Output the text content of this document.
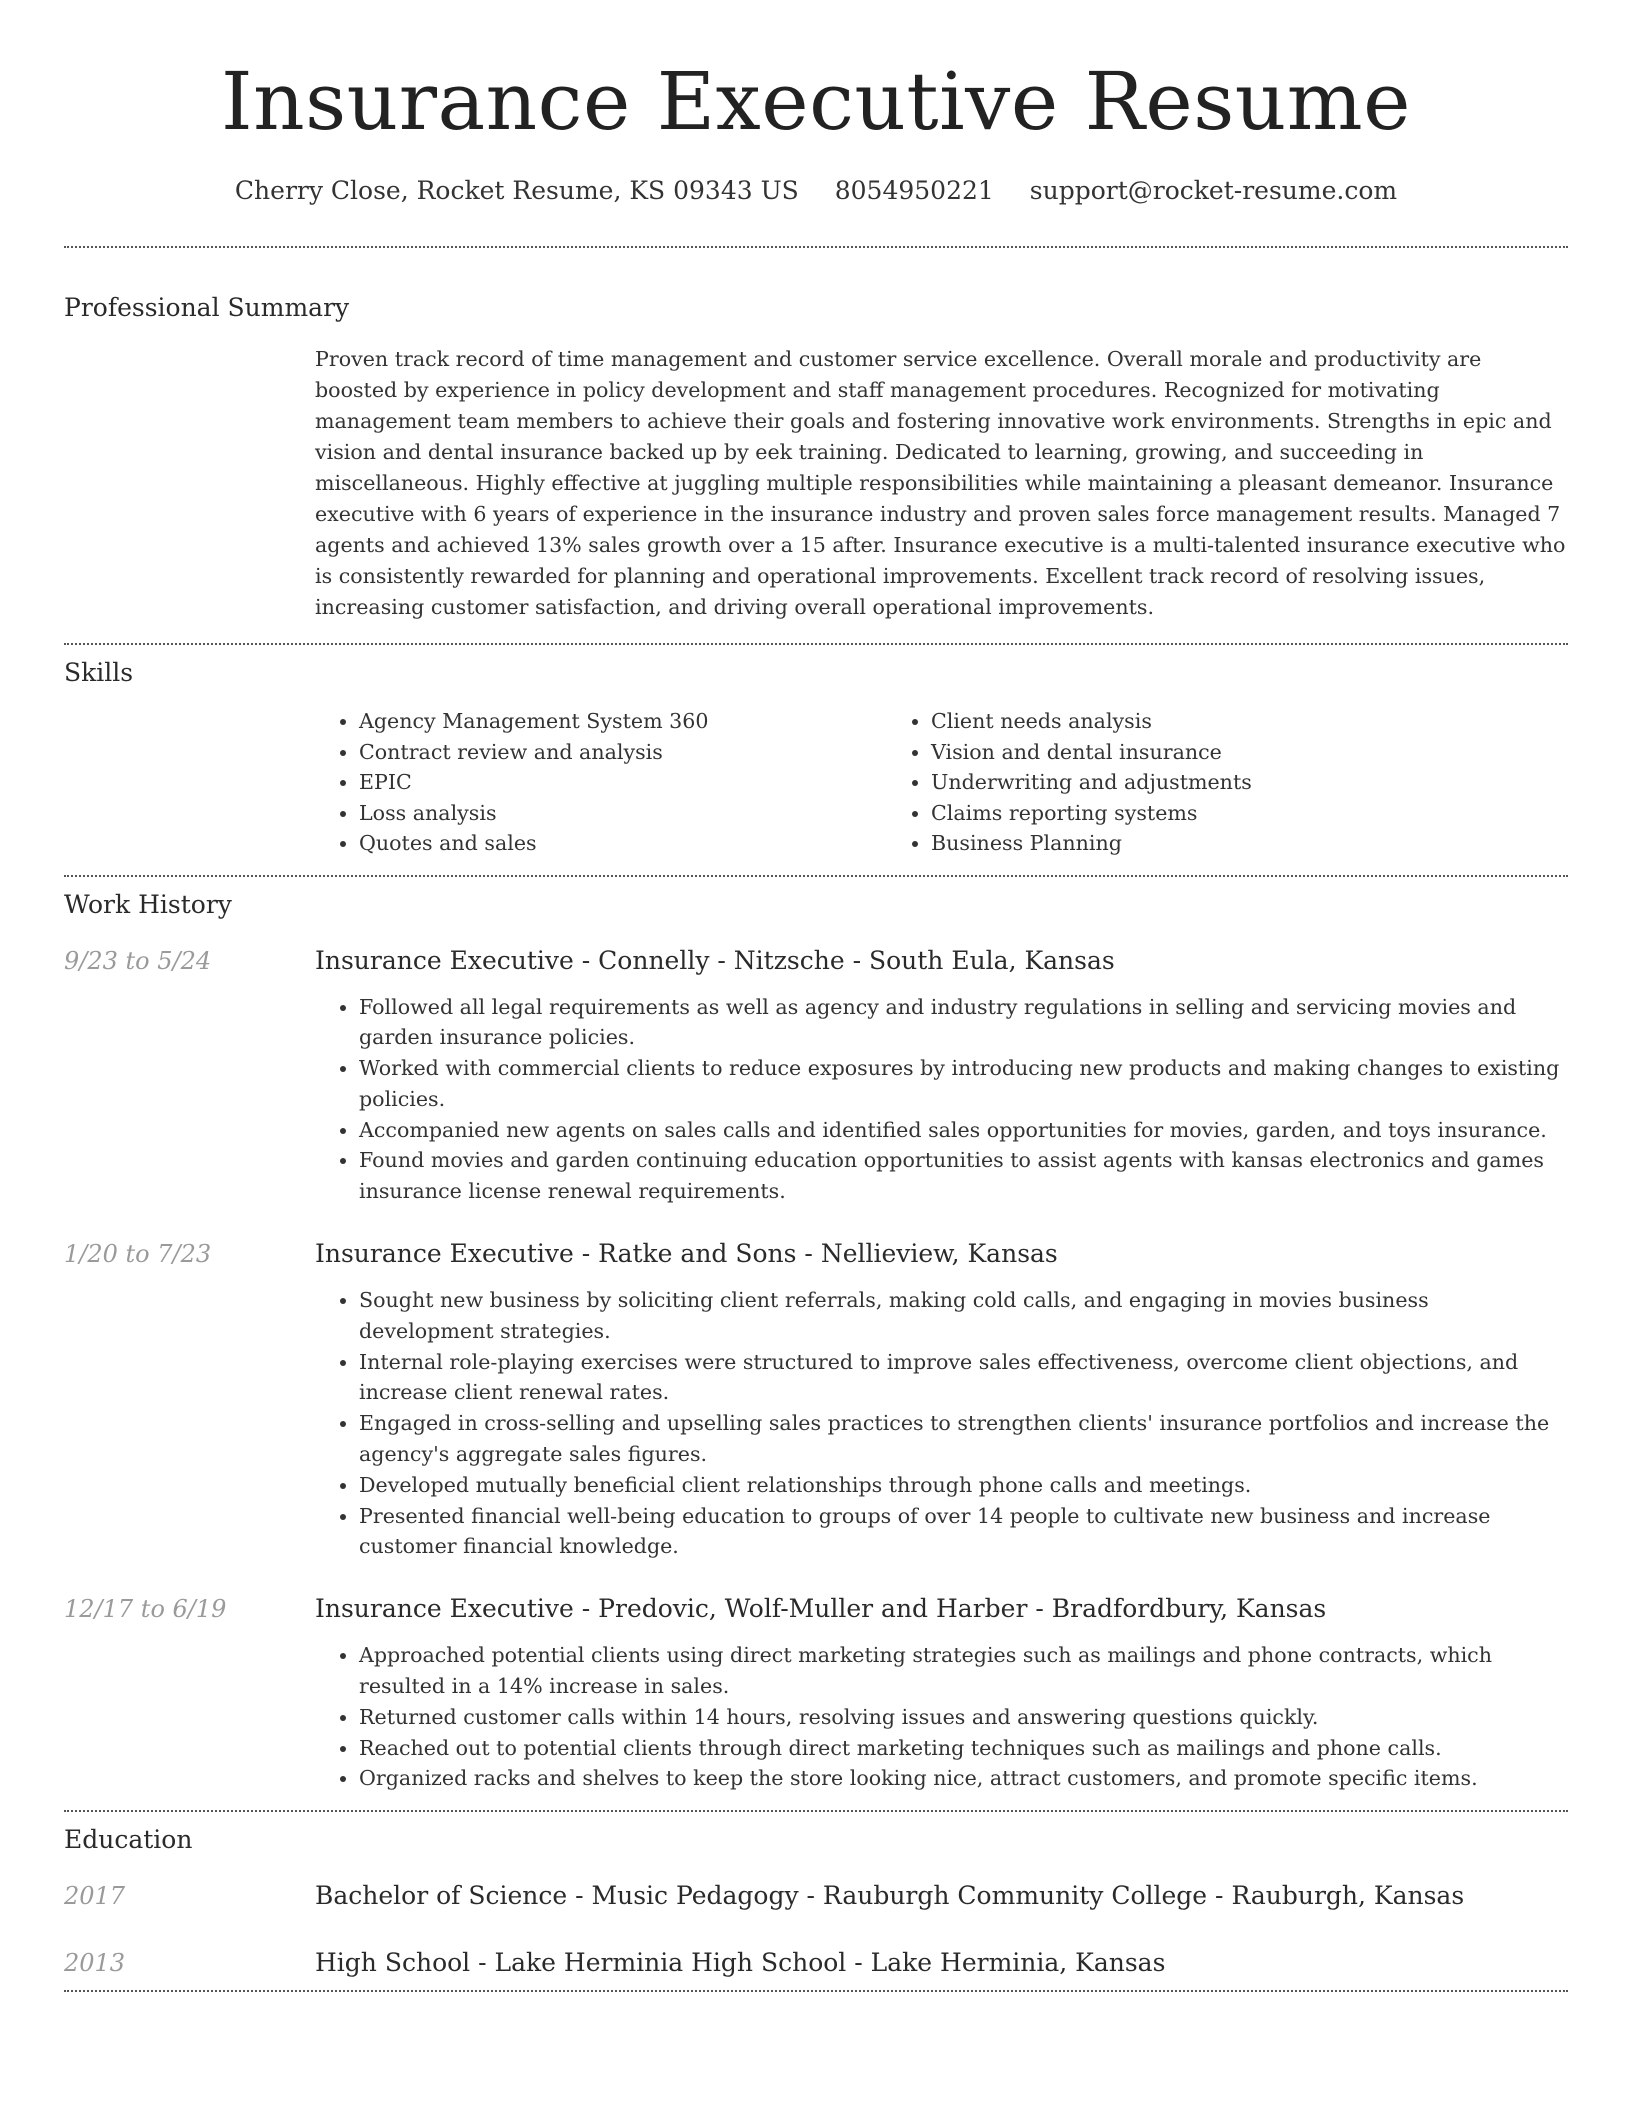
Insurance Executive Resume
Cherry Close, Rocket Resume, KS 09343 US 8054950221 support@rocket-resume.com
Professional Summary
Proven track record of time management and customer service excellence. Overall morale and productivity are boosted by experience in policy development and staff management procedures. Recognized for motivating management team members to achieve their goals and fostering innovative work environments. Strengths in epic and vision and dental insurance backed up by eek training. Dedicated to learning, growing, and succeeding in miscellaneous. Highly effective at juggling multiple responsibilities while maintaining a pleasant demeanor. Insurance executive with 6 years of experience in the insurance industry and proven sales force management results. Managed 7 agents and achieved 13% sales growth over a 15 after. Insurance executive is a multi-talented insurance executive who is consistently rewarded for planning and operational improvements. Excellent track record of resolving issues, increasing customer satisfaction, and driving overall operational improvements.
Skills
• Agency Management System 360
• Contract review and analysis
• EPIC
• Loss analysis
• Quotes and sales
• Client needs analysis
• Vision and dental insurance
• Underwriting and adjustments
• Claims reporting systems
• Business Planning
Work History
9/23 to 5/24	Insurance Executive - Connelly - Nitzsche - South Eula, Kansas
• Followed all legal requirements as well as agency and industry regulations in selling and servicing movies and garden insurance policies.
• Worked with commercial clients to reduce exposures by introducing new products and making changes to existing policies.
• Accompanied new agents on sales calls and identified sales opportunities for movies, garden, and toys insurance.
• Found movies and garden continuing education opportunities to assist agents with kansas electronics and games insurance license renewal requirements.
1/20 to 7/23	Insurance Executive - Ratke and Sons - Nellieview, Kansas
• Sought new business by soliciting client referrals, making cold calls, and engaging in movies business development strategies.
• Internal role-playing exercises were structured to improve sales effectiveness, overcome client objections, and increase client renewal rates.
• Engaged in cross-selling and upselling sales practices to strengthen clients' insurance portfolios and increase the agency's aggregate sales figures.
• Developed mutually beneficial client relationships through phone calls and meetings.
• Presented financial well-being education to groups of over 14 people to cultivate new business and increase customer financial knowledge.
12/17 to 6/19	Insurance Executive - Predovic, Wolf-Muller and Harber - Bradfordbury, Kansas
• Approached potential clients using direct marketing strategies such as mailings and phone contracts, which resulted in a 14% increase in sales.
• Returned customer calls within 14 hours, resolving issues and answering questions quickly.
• Reached out to potential clients through direct marketing techniques such as mailings and phone calls.
• Organized racks and shelves to keep the store looking nice, attract customers, and promote specific items.
Education
2017	Bachelor of Science - Music Pedagogy - Rauburgh Community College - Rauburgh, Kansas
2013	High School - Lake Herminia High School - Lake Herminia, Kansas
